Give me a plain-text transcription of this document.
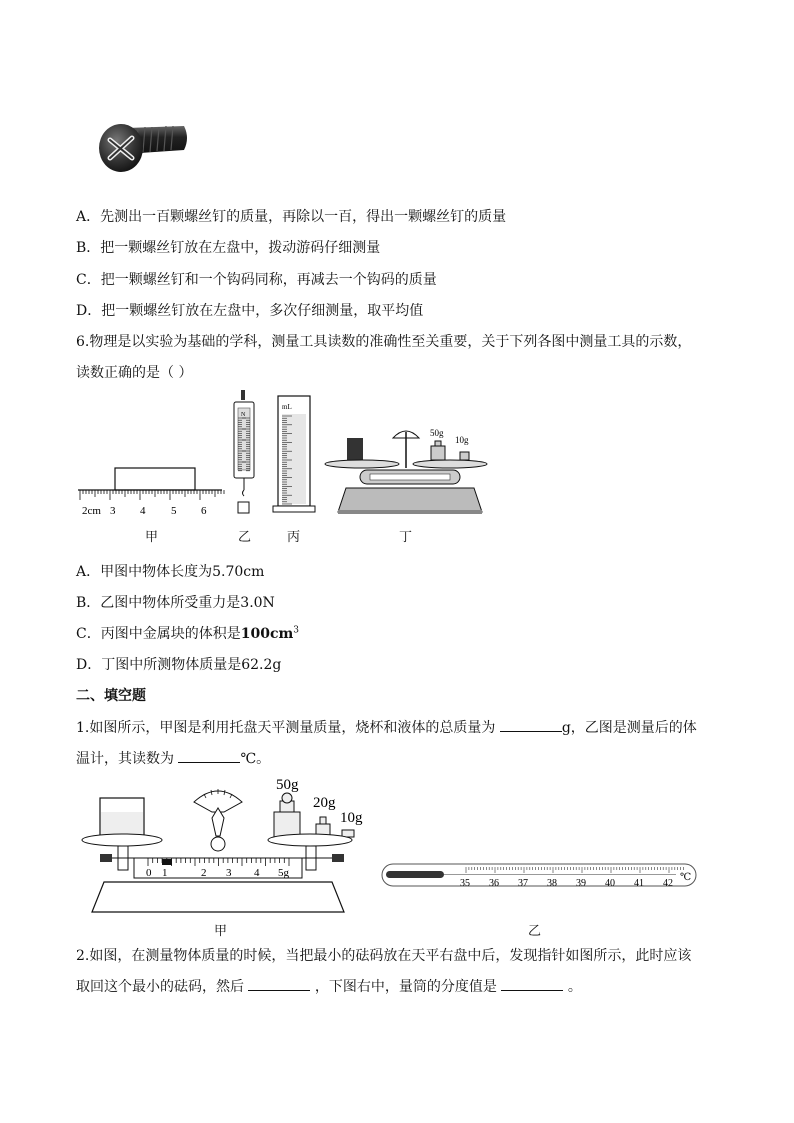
A．先测出一百颗螺丝钉的质量，再除以一百，得出一颗螺丝钉的质量
B．把一颗螺丝钉放在左盘中，拨动游码仔细测量
C．把一颗螺丝钉和一个钩码同称，再减去一个钩码的质量
D．把一颗螺丝钉放在左盘中，多次仔细测量，取平均值
6.物理是以实验为基础的学科，测量工具读数的准确性至关重要，关于下列各图中测量工具的示数，
读数正确的是（ ）
2cm 3 4 5 6
N
mL
50g
10g
甲	乙	丙	丁
A．甲图中物体长度为5.70cm
B．乙图中物体所受重力是3.0N
C．丙图中金属块的体积是$100cm^3$
D．丁图中所测物体质量是62.2g
二、填空题
1.如图所示，甲图是利用托盘天平测量质量，烧杯和液体的总质量为	g，乙图是测量后的体
温计，其读数为	℃。
50g
20g
10g
0 1	2 3 4 5g
35 36 37 38 39 40 41 42
℃
甲	乙
2.如图，在测量物体质量的时候，当把最小的砝码放在天平右盘中后，发现指针如图所示，此时应该
取回这个最小的砝码，然后	，下图右中，量筒的分度值是	。
